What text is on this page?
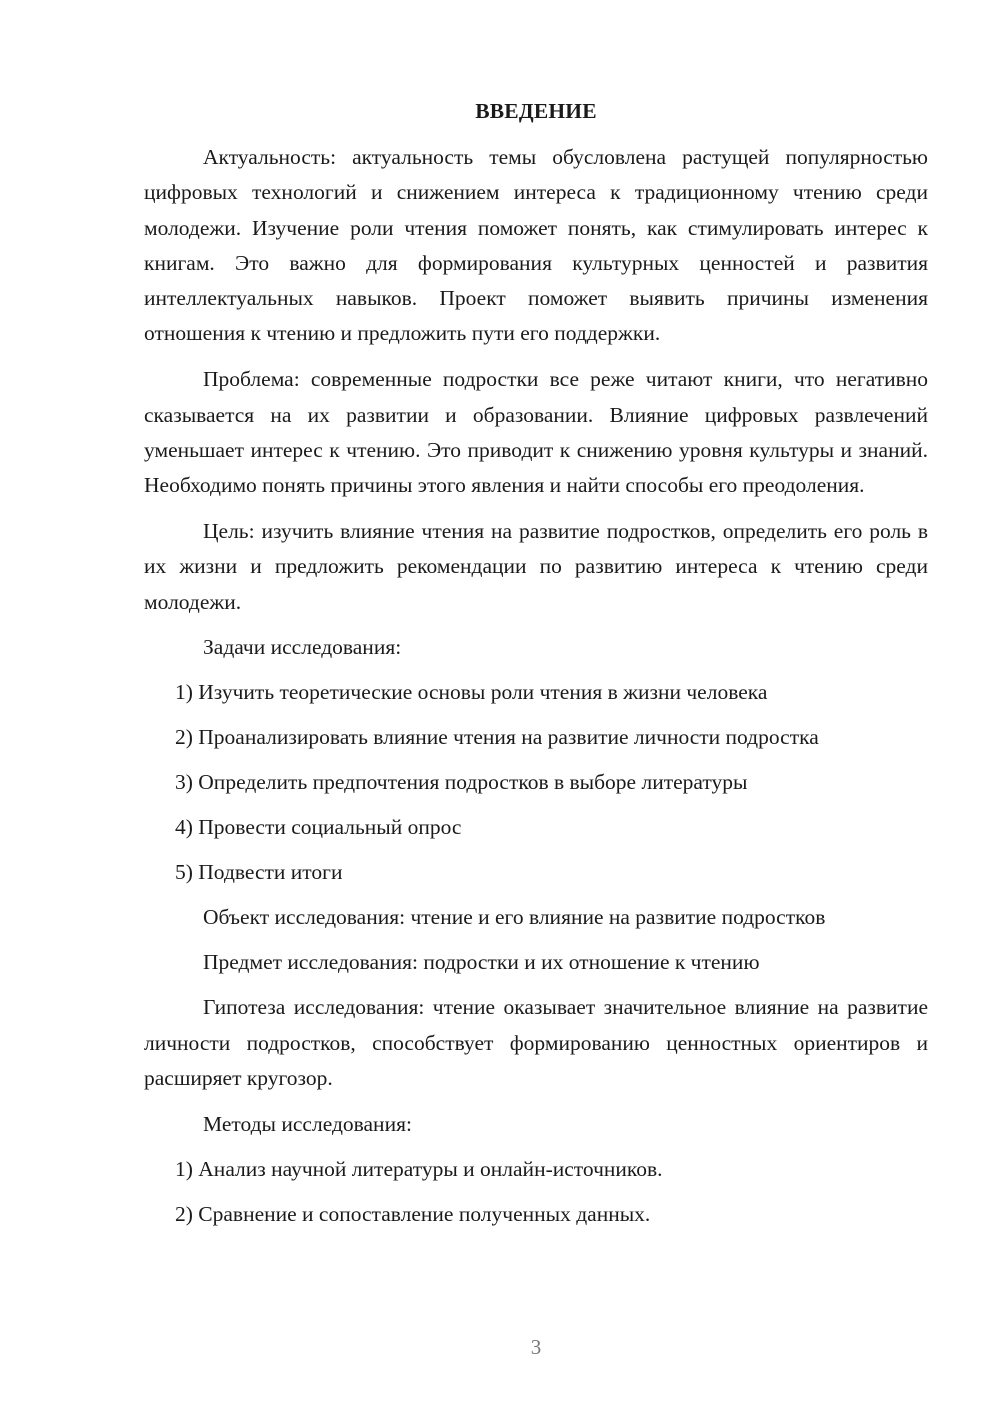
ВВЕДЕНИЕ

Актуальность: актуальность темы обусловлена растущей популярностью цифровых технологий и снижением интереса к традиционному чтению среди молодежи. Изучение роли чтения поможет понять, как стимулировать интерес к книгам. Это важно для формирования культурных ценностей и развития интеллектуальных навыков. Проект поможет выявить причины изменения отношения к чтению и предложить пути его поддержки.

Проблема: современные подростки все реже читают книги, что негативно сказывается на их развитии и образовании. Влияние цифровых развлечений уменьшает интерес к чтению. Это приводит к снижению уровня культуры и знаний. Необходимо понять причины этого явления и найти способы его преодоления.

Цель: изучить влияние чтения на развитие подростков, определить его роль в их жизни и предложить рекомендации по развитию интереса к чтению среди молодежи.

Задачи исследования:
1) Изучить теоретические основы роли чтения в жизни человека
2) Проанализировать влияние чтения на развитие личности подростка
3) Определить предпочтения подростков в выборе литературы
4) Провести социальный опрос
5) Подвести итоги
Объект исследования: чтение и его влияние на развитие подростков
Предмет исследования: подростки и их отношение к чтению

Гипотеза исследования: чтение оказывает значительное влияние на развитие личности подростков, способствует формированию ценностных ориентиров и расширяет кругозор.

Методы исследования:
1) Анализ научной литературы и онлайн-источников.
2) Сравнение и сопоставление полученных данных.
3
